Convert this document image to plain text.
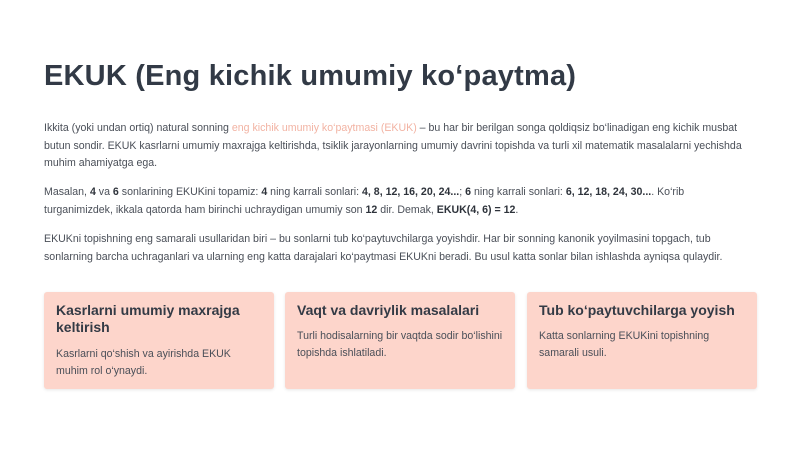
EKUK (Eng kichik umumiy ko‘paytma)

Ikkita (yoki undan ortiq) natural sonning eng kichik umumiy ko‘paytmasi (EKUK) – bu har bir berilgan songa qoldiqsiz bo‘linadigan eng kichik musbat butun sondir. EKUK kasrlarni umumiy maxrajga keltirishda, tsiklik jarayonlarning umumiy davrini topishda va turli xil matematik masalalarni yechishda muhim ahamiyatga ega.

Masalan, 4 va 6 sonlarining EKUKini topamiz: 4 ning karrali sonlari: 4, 8, 12, 16, 20, 24...; 6 ning karrali sonlari: 6, 12, 18, 24, 30.... Ko‘rib turganimizdek, ikkala qatorda ham birinchi uchraydigan umumiy son 12 dir. Demak, EKUK(4, 6) = 12.

EKUKni topishning eng samarali usullaridan biri – bu sonlarni tub ko‘paytuvchilarga yoyishdir. Har bir sonning kanonik yoyilmasini topgach, tub sonlarning barcha uchraganlari va ularning eng katta darajalari ko‘paytmasi EKUKni beradi. Bu usul katta sonlar bilan ishlashda ayniqsa qulaydir.

Kasrlarni umumiy maxrajga keltirish

Kasrlarni qo‘shish va ayirishda EKUK muhim rol o‘ynaydi.

Vaqt va davriylik masalalari

Turli hodisalarning bir vaqtda sodir bo‘lishini topishda ishlatiladi.

Tub ko‘paytuvchilarga yoyish

Katta sonlarning EKUKini topishning samarali usuli.
